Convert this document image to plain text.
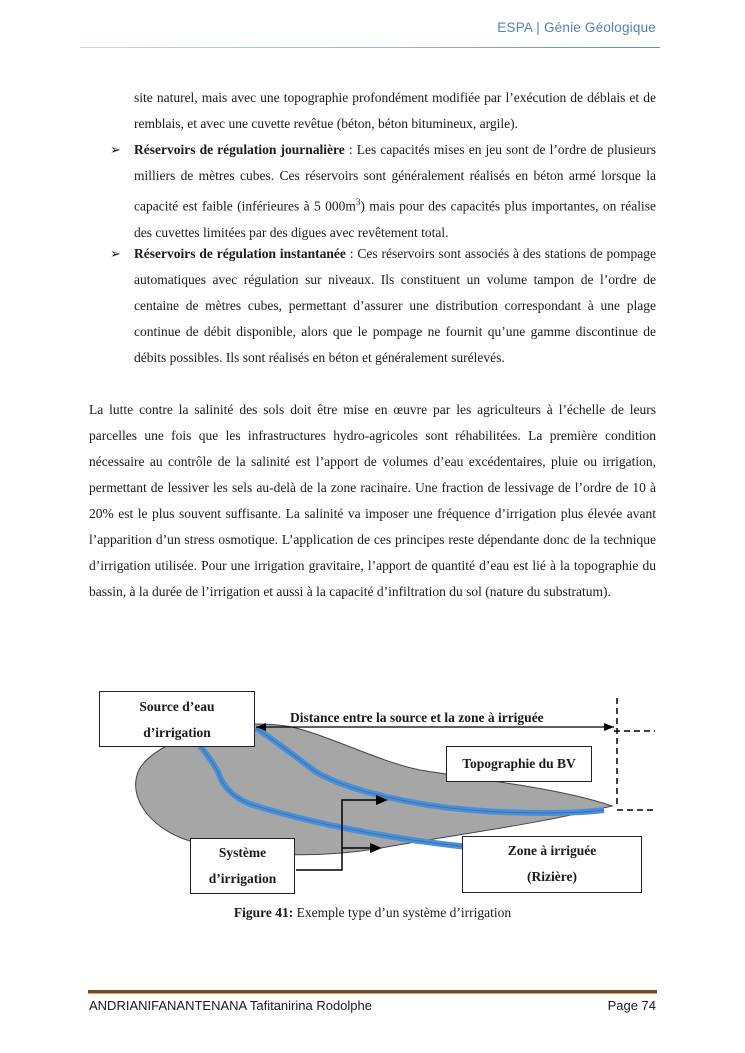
ESPA | Génie Géologique

site naturel, mais avec une topographie profondément modifiée par l’exécution de déblais et de remblais, et avec une cuvette revêtue (béton, béton bitumineux, argile).

➢ Réservoirs de régulation journalière : Les capacités mises en jeu sont de l’ordre de plusieurs milliers de mètres cubes. Ces réservoirs sont généralement réalisés en béton armé lorsque la capacité est faible (inférieures à 5 $000m^3$) mais pour des capacités plus importantes, on réalise des cuvettes limitées par des digues avec revêtement total.

➢ Réservoirs de régulation instantanée : Ces réservoirs sont associés à des stations de pompage automatiques avec régulation sur niveaux. Ils constituent un volume tampon de l’ordre de centaine de mètres cubes, permettant d’assurer une distribution correspondant à une plage continue de débit disponible, alors que le pompage ne fournit qu’une gamme discontinue de débits possibles. Ils sont réalisés en béton et généralement surélevés.

La lutte contre la salinité des sols doit être mise en œuvre par les agriculteurs à l’échelle de leurs parcelles une fois que les infrastructures hydro-agricoles sont réhabilitées. La première condition nécessaire au contrôle de la salinité est l’apport de volumes d’eau excédentaires, pluie ou irrigation, permettant de lessiver les sels au-delà de la zone racinaire. Une fraction de lessivage de l’ordre de 10 à 20% est le plus souvent suffisante. La salinité va imposer une fréquence d’irrigation plus élevée avant l’apparition d’un stress osmotique. L’application de ces principes reste dépendante donc de la technique d’irrigation utilisée. Pour une irrigation gravitaire, l’apport de quantité d’eau est lié à la topographie du bassin, à la durée de l’irrigation et aussi à la capacité d’infiltration du sol (nature du substratum).

Source d’eau
d’irrigation
Distance entre la source et la zone à irriguée
Topographie du BV
Système
d’irrigation
Zone à irriguée
(Rizière)
Figure 41: Exemple type d’un système d’irrigation
ANDRIANIFANANTENANA Tafitanirina Rodolphe	Page 74
